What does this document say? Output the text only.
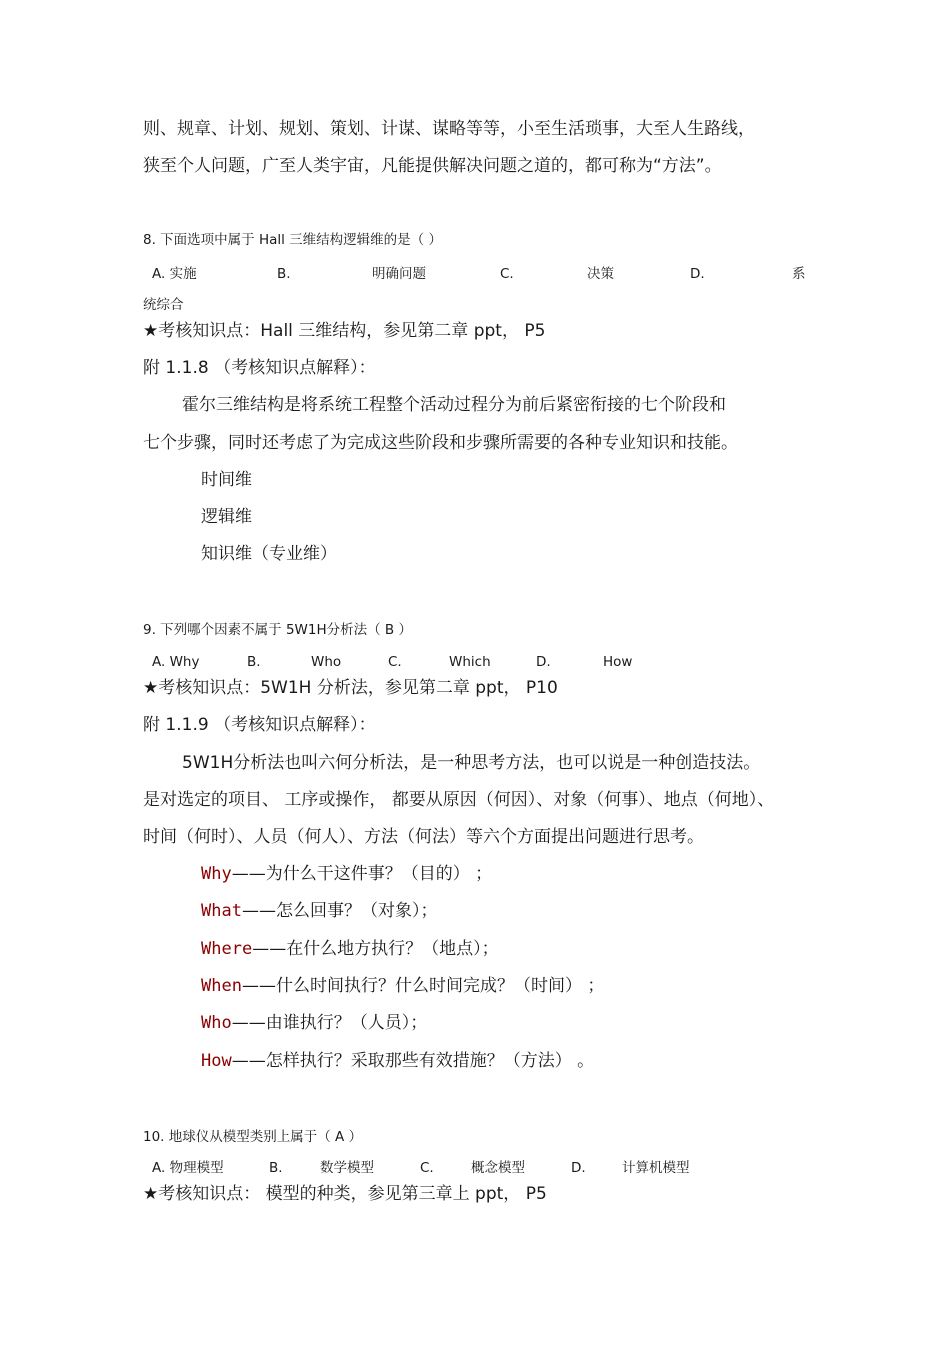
则、规章、计划、规划、策划、计谋、谋略等等，小至生活琐事，大至人生路线，
狭至个人问题，广至人类宇宙，凡能提供解决问题之道的，都可称为“方法”。
8. 下面选项中属于 Hall 三维结构逻辑维的是（ ）
A. 实施	B.	明确问题	C.	决策	D.	系
统综合
★考核知识点：Hall 三维结构，参见第二章 ppt， P5
附 1.1.8 （考核知识点解释）：
霍尔三维结构是将系统工程整个活动过程分为前后紧密衔接的七个阶段和
七个步骤，同时还考虑了为完成这些阶段和步骤所需要的各种专业知识和技能。
时间维
逻辑维
知识维（专业维）
9. 下列哪个因素不属于 5W1H分析法（ B ）
A. Why	B.	Who	C.	Which	D.	How
★考核知识点：5W1H 分析法，参见第二章 ppt， P10
附 1.1.9 （考核知识点解释）：
5W1H分析法也叫六何分析法，是一种思考方法，也可以说是一种创造技法。
是对选定的项目、 工序或操作， 都要从原因（何因）、对象（何事）、地点（何地）、
时间（何时）、人员（何人）、方法（何法）等六个方面提出问题进行思考。
Why——为什么干这件事？（目的） ；
What——怎么回事？（对象）；
Where——在什么地方执行？（地点）；
When——什么时间执行？什么时间完成？（时间） ；
Who——由谁执行？（人员）；
How——怎样执行？采取那些有效措施？（方法） 。
10. 地球仪从模型类别上属于（ A ）
A. 物理模型	B.	数学模型	C.	概念模型	D.	计算机模型
★考核知识点： 模型的种类，参见第三章上 ppt， P5
